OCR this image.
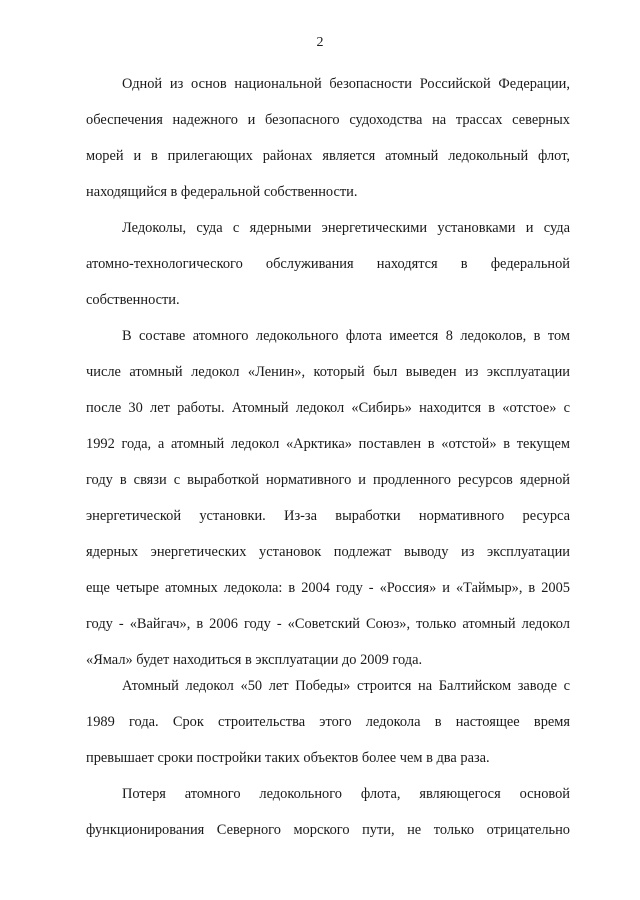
2
Одной из основ национальной безопасности Российской Федерации,
обеспечения надежного и безопасного судоходства на трассах северных
морей и в прилегающих районах является атомный ледокольный флот,
находящийся в федеральной собственности.
Ледоколы, суда с ядерными энергетическими установками и суда
атомно-технологического обслуживания находятся в федеральной
собственности.
В составе атомного ледокольного флота имеется 8 ледоколов, в том
числе атомный ледокол «Ленин», который был выведен из эксплуатации
после 30 лет работы. Атомный ледокол «Сибирь» находится в «отстое» с
1992 года, а атомный ледокол «Арктика» поставлен в «отстой» в текущем
году в связи с выработкой нормативного и продленного ресурсов ядерной
энергетической установки. Из-за выработки нормативного ресурса
ядерных энергетических установок подлежат выводу из эксплуатации
еще четыре атомных ледокола: в 2004 году - «Россия» и «Таймыр», в 2005
году - «Вайгач», в 2006 году - «Советский Союз», только атомный ледокол
«Ямал» будет находиться в эксплуатации до 2009 года.
Атомный ледокол «50 лет Победы» строится на Балтийском заводе с
1989 года. Срок строительства этого ледокола в настоящее время
превышает сроки постройки таких объектов более чем в два раза.
Потеря атомного ледокольного флота, являющегося основой
функционирования Северного морского пути, не только отрицательно
